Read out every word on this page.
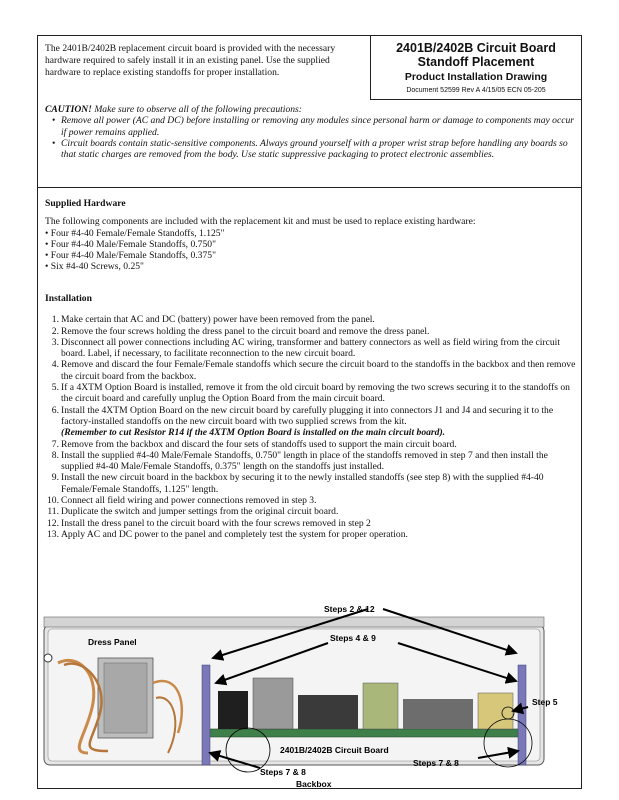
The 2401B/2402B replacement circuit board is provided with the necessary hardware required to safely install it in an existing panel. Use the supplied hardware to replace existing standoffs for proper installation.
2401B/2402B Circuit Board
Standoff Placement
Product Installation Drawing
Document 52599 Rev A 4/15/05 ECN 05-205
CAUTION! Make sure to observe all of the following precautions:
• Remove all power (AC and DC) before installing or removing any modules since personal harm or damage to components may occur if power remains applied.
• Circuit boards contain static-sensitive components. Always ground yourself with a proper wrist strap before handling any boards so that static charges are removed from the body. Use static suppressive packaging to protect electronic assemblies.
Supplied Hardware

The following components are included with the replacement kit and must be used to replace existing hardware:

• Four #4-40 Female/Female Standoffs, 1.125"
• Four #4-40 Male/Female Standoffs, 0.750"
• Four #4-40 Male/Female Standoffs, 0.375"
• Six #4-40 Screws, 0.25"
Installation
1. Make certain that AC and DC (battery) power have been removed from the panel.
2. Remove the four screws holding the dress panel to the circuit board and remove the dress panel.
3. Disconnect all power connections including AC wiring, transformer and battery connectors as well as field wiring from the circuit board. Label, if necessary, to facilitate reconnection to the new circuit board.
4. Remove and discard the four Female/Female standoffs which secure the circuit board to the standoffs in the backbox and then remove the circuit board from the backbox.
5. If a 4XTM Option Board is installed, remove it from the old circuit board by removing the two screws securing it to the standoffs on the circuit board and carefully unplug the Option Board from the main circuit board.
6. Install the 4XTM Option Board on the new circuit board by carefully plugging it into connectors J1 and J4 and securing it to the factory-installed standoffs on the new circuit board with two supplied screws from the kit.
(Remember to cut Resistor R14 if the 4XTM Option Board is installed on the main circuit board).
7. Remove from the backbox and discard the four sets of standoffs used to support the main circuit board.
8. Install the supplied #4-40 Male/Female Standoffs, 0.750" length in place of the standoffs removed in step 7 and then install the supplied #4-40 Male/Female Standoffs, 0.375" length on the standoffs just installed.
9. Install the new circuit board in the backbox by securing it to the newly installed standoffs (see step 8) with the supplied #4-40 Female/Female Standoffs, 1.125" length.
10. Connect all field wiring and power connections removed in step 3.
11. Duplicate the switch and jumper settings from the original circuit board.
12. Install the dress panel to the circuit board with the four screws removed in step 2
13. Apply AC and DC power to the panel and completely test the system for proper operation.
Steps 2 & 12
Steps 4 & 9
Dress Panel
Step 5
2401B/2402B Circuit Board
Steps 7 & 8
Steps 7 & 8
Backbox
